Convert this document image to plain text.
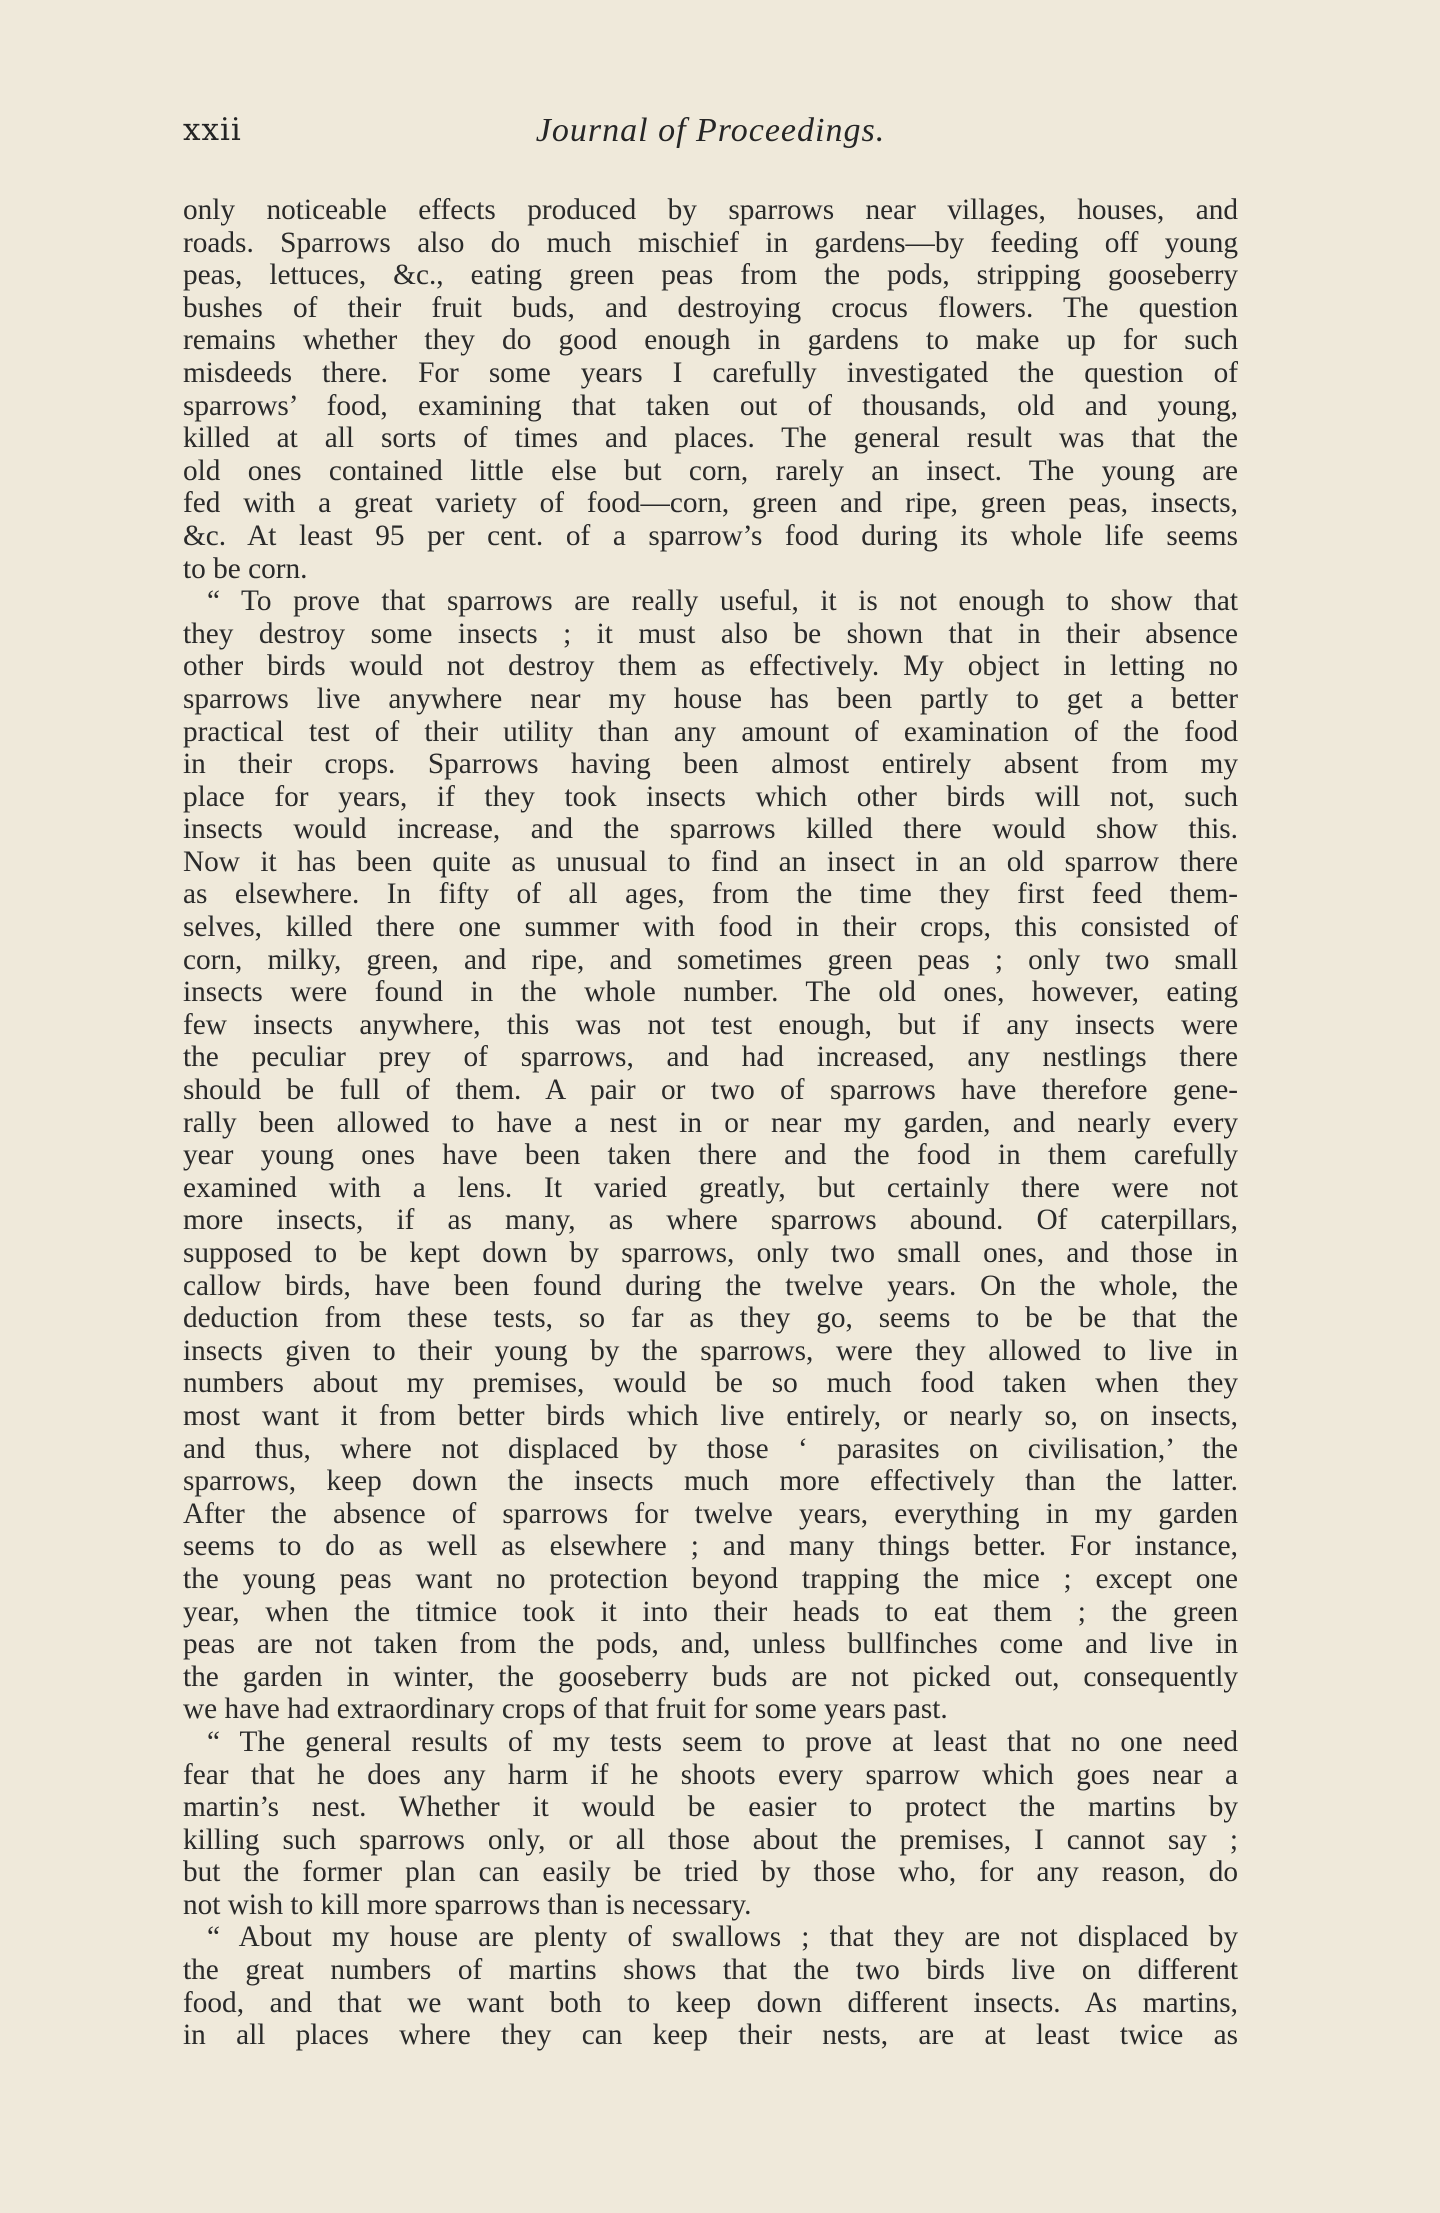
xxii	Journal of Proceedings.
only noticeable effects produced by sparrows near villages, houses, and
roads. Sparrows also do much mischief in gardens—by feeding off young
peas, lettuces, &c., eating green peas from the pods, stripping gooseberry
bushes of their fruit buds, and destroying crocus flowers. The question
remains whether they do good enough in gardens to make up for such
misdeeds there. For some years I carefully investigated the question of
sparrows’ food, examining that taken out of thousands, old and young,
killed at all sorts of times and places. The general result was that the
old ones contained little else but corn, rarely an insect. The young are
fed with a great variety of food—corn, green and ripe, green peas, insects,
&c. At least 95 per cent. of a sparrow’s food during its whole life seems
to be corn.
“ To prove that sparrows are really useful, it is not enough to show that
they destroy some insects ; it must also be shown that in their absence
other birds would not destroy them as effectively. My object in letting no
sparrows live anywhere near my house has been partly to get a better
practical test of their utility than any amount of examination of the food
in their crops. Sparrows having been almost entirely absent from my
place for years, if they took insects which other birds will not, such
insects would increase, and the sparrows killed there would show this.
Now it has been quite as unusual to find an insect in an old sparrow there
as elsewhere. In fifty of all ages, from the time they first feed them-
selves, killed there one summer with food in their crops, this consisted of
corn, milky, green, and ripe, and sometimes green peas ; only two small
insects were found in the whole number. The old ones, however, eating
few insects anywhere, this was not test enough, but if any insects were
the peculiar prey of sparrows, and had increased, any nestlings there
should be full of them. A pair or two of sparrows have therefore gene-
rally been allowed to have a nest in or near my garden, and nearly every
year young ones have been taken there and the food in them carefully
examined with a lens. It varied greatly, but certainly there were not
more insects, if as many, as where sparrows abound. Of caterpillars,
supposed to be kept down by sparrows, only two small ones, and those in
callow birds, have been found during the twelve years. On the whole, the
deduction from these tests, so far as they go, seems to be be that the
insects given to their young by the sparrows, were they allowed to live in
numbers about my premises, would be so much food taken when they
most want it from better birds which live entirely, or nearly so, on insects,
and thus, where not displaced by those ‘ parasites on civilisation,’ the
sparrows, keep down the insects much more effectively than the latter.
After the absence of sparrows for twelve years, everything in my garden
seems to do as well as elsewhere ; and many things better. For instance,
the young peas want no protection beyond trapping the mice ; except one
year, when the titmice took it into their heads to eat them ; the green
peas are not taken from the pods, and, unless bullfinches come and live in
the garden in winter, the gooseberry buds are not picked out, consequently
we have had extraordinary crops of that fruit for some years past.
“ The general results of my tests seem to prove at least that no one need
fear that he does any harm if he shoots every sparrow which goes near a
martin’s nest. Whether it would be easier to protect the martins by
killing such sparrows only, or all those about the premises, I cannot say ;
but the former plan can easily be tried by those who, for any reason, do
not wish to kill more sparrows than is necessary.
“ About my house are plenty of swallows ; that they are not displaced by
the great numbers of martins shows that the two birds live on different
food, and that we want both to keep down different insects. As martins,
in all places where they can keep their nests, are at least twice as
